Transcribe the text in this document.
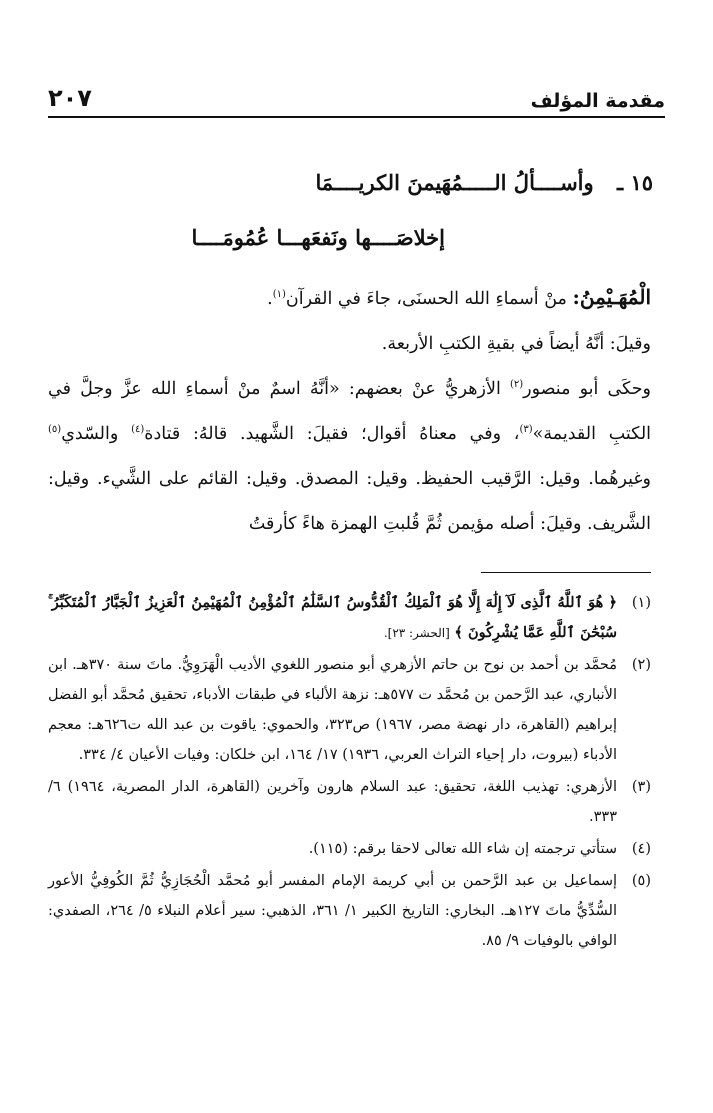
مقدمة المؤلف
٢٠٧
١٥ ـ وأســــألُ الـــــمُهَيمنَ الكريــــمَا
إخلاصَــــها ونَفعَهـــا عُمُومَــــا

الْمُهَـيْمِنُ: منْ أسماءِ الله الحسنَى، جاءَ في القرآن$^{(١)}$.

وقيلَ: أنَّهُ أيضاً في بقيةِ الكتبِ الأربعة.

وحكَى أبو منصور$^{(٢)}$ الأزهريُّ عنْ بعضهم: «أنَّهُ اسمٌ منْ أسماءِ الله عزَّ وجلَّ في الكتبِ القديمة»$^{(٣)}$، وفي معناهُ أقوال؛ فقيلَ: الشَّهيد. قالهُ: قتادة$^{(٤)}$ والسّدي$^{(٥)}$ وغيرهُما. وقيل: الرَّقيب الحفيظ. وقيل: المصدق. وقيل: القائم على الشَّيء. وقيل: الشَّريف. وقيلَ: أصله مؤيمن ثُمَّ قُلبتِ الهمزة هاءً كأرقتُ

(١)
﴿ هُوَ ٱللَّهُ ٱلَّذِى لَآ إِلَٰهَ إِلَّا هُوَ ٱلْمَلِكُ ٱلْقُدُّوسُ ٱلسَّلَٰمُ ٱلْمُؤْمِنُ ٱلْمُهَيْمِنُ ٱلْعَزِيزُ ٱلْجَبَّارُ ٱلْمُتَكَبِّرُ ۚ سُبْحَٰنَ ٱللَّهِ عَمَّا يُشْرِكُونَ ﴾ [الحشر: ٢٣].
(٢)
مُحمَّد بن أحمد بن نوح بن حاتم الأزهري أبو منصور اللغوي الأديب الْهَرَوِيُّ. ماتَ سنة ٣٧٠هـ. ابن الأنباري، عبد الرَّحمن بن مُحمَّد ت ٥٧٧هـ: نزهة الألباء في طبقات الأدباء، تحقيق مُحمَّد أبو الفضل إبراهيم (القاهرة، دار نهضة مصر، ١٩٦٧) ص٣٢٣، والحموي: ياقوت بن عبد الله ت٦٢٦هـ: معجم الأدباء (بيروت، دار إحياء التراث العربي، ١٩٣٦) ١٧/ ١٦٤، ابن خلكان: وفيات الأعيان ٤/ ٣٣٤.
(٣)
الأزهري: تهذيب اللغة، تحقيق: عبد السلام هارون وآخرين (القاهرة، الدار المصرية، ١٩٦٤) ٦/ ٣٣٣.
(٤)
ستأتي ترجمته إن شاء الله تعالى لاحقا برقم: (١١٥).
(٥)
إسماعيل بن عبد الرَّحمن بن أبي كريمة الإمام المفسر أبو مُحمَّد الْحُجَازِيُّ ثُمَّ الكُوفِيُّ الأعور السُّدِّيُّ ماتَ ١٢٧هـ. البخاري: التاريخ الكبير ١/ ٣٦١، الذهبي: سير أعلام النبلاء ٥/ ٢٦٤، الصفدي: الوافي بالوفيات ٩/ ٨٥.
